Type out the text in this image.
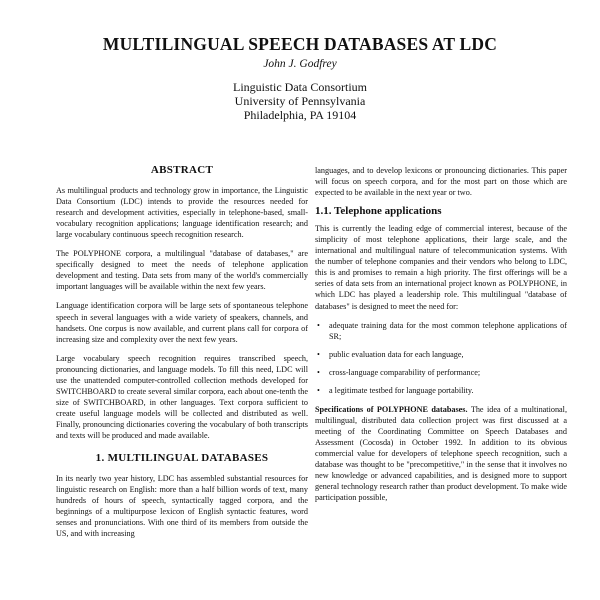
MULTILINGUAL SPEECH DATABASES AT LDC
John J. Godfrey
Linguistic Data Consortium
University of Pennsylvania
Philadelphia, PA 19104
ABSTRACT

As multilingual products and technology grow in importance, the Linguistic Data Consortium (LDC) intends to provide the resources needed for research and development activities, especially in telephone-based, small-vocabulary recognition applications; language identification research; and large vocabulary continuous speech recognition research.

The POLYPHONE corpora, a multilingual "database of databases," are specifically designed to meet the needs of telephone application development and testing. Data sets from many of the world's commercially important languages will be available within the next few years.

Language identification corpora will be large sets of spontaneous telephone speech in several languages with a wide variety of speakers, channels, and handsets. One corpus is now available, and current plans call for corpora of increasing size and complexity over the next few years.

Large vocabulary speech recognition requires transcribed speech, pronouncing dictionaries, and language models. To fill this need, LDC will use the unattended computer-controlled collection methods developed for SWITCHBOARD to create several similar corpora, each about one-tenth the size of SWITCHBOARD, in other languages. Text corpora sufficient to create useful language models will be collected and distributed as well. Finally, pronouncing dictionaries covering the vocabulary of both transcripts and texts will be produced and made available.

1. MULTILINGUAL DATABASES

In its nearly two year history, LDC has assembled substantial resources for linguistic research on English: more than a half billion words of text, many hundreds of hours of speech, syntactically tagged corpora, and the beginnings of a multipurpose lexicon of English syntactic features, word senses and pronunciations. With one third of its members from outside the US, and with increasing

languages, and to develop lexicons or pronouncing dictionaries. This paper will focus on speech corpora, and for the most part on those which are expected to be available in the next year or two.

1.1. Telephone applications

This is currently the leading edge of commercial interest, because of the simplicity of most telephone applications, their large scale, and the international and multilingual nature of telecommunication systems. With the number of telephone companies and their vendors who belong to LDC, this is and promises to remain a high priority. The first offerings will be a series of data sets from an international project known as POLYPHONE, in which LDC has played a leadership role. This multilingual "database of databases" is designed to meet the need for:

• adequate training data for the most common telephone applications of SR;
• public evaluation data for each language,
• cross-language comparability of performance;
• a legitimate testbed for language portability.

Specifications of POLYPHONE databases. The idea of a multinational, multilingual, distributed data collection project was first discussed at a meeting of the Coordinating Committee on Speech Databases and Assessment (Cocosda) in October 1992. In addition to its obvious commercial value for developers of telephone speech recognition, such a database was thought to be "precompetitive," in the sense that it involves no new knowledge or advanced capabilities, and is designed more to support general technology research rather than product development. To make wide participation possible,
